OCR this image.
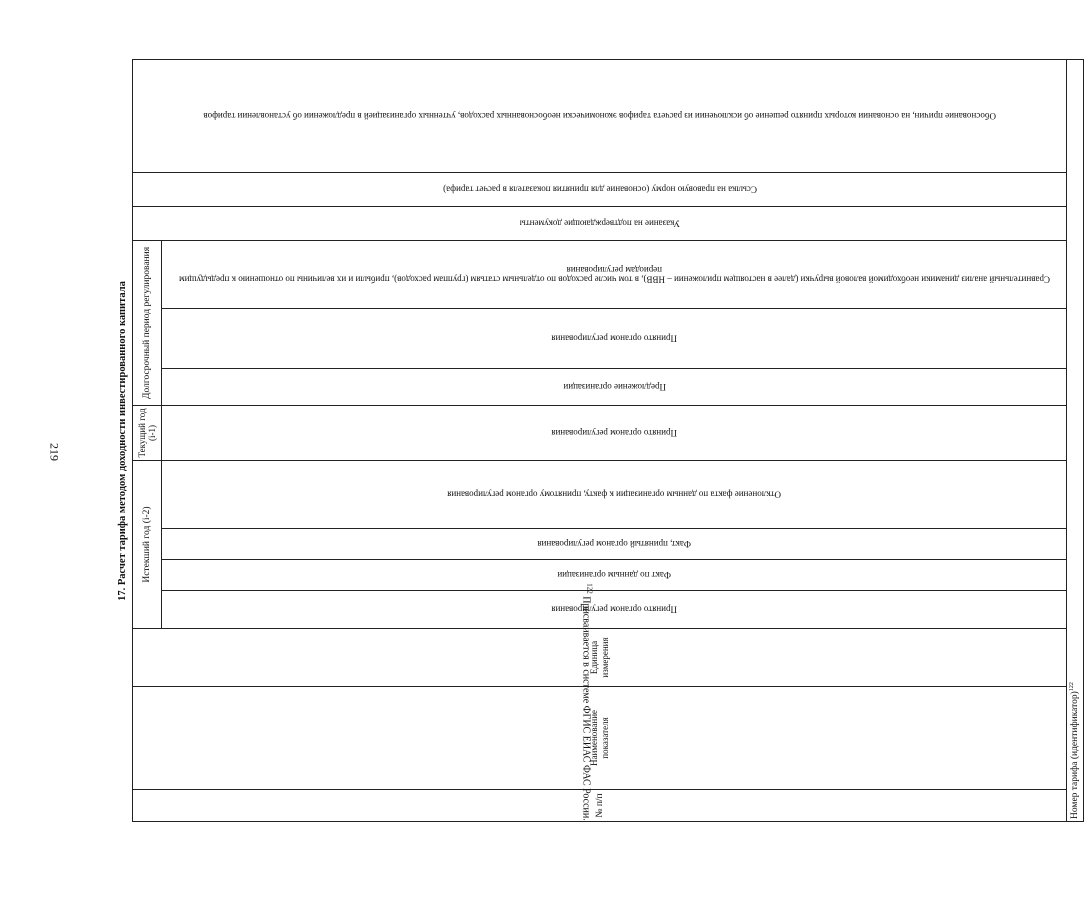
219	17. Расчет тарифа методом доходности инвестированного капитала
№ п/п	Наименование показателя	Единица измерения	Истекший год (i-2)				Текущий год (i-1)	Долгосрочный период регулирования			Указание на подтверждающие документы	Ссылка на правовую норму (основание для принятия показателя в расчет тарифа)	Обоснование причин, на основании которых принято решение об исключении из расчета тарифов экономически необоснованных расходов, учтенных организацией в предложении об установлении тарифов
			Принято органом регулирования	Факт по данным организации	Факт, принятый органом регулирования	Отклонение факта по данным организации к факту, принятому органом регулирования	Принято органом регулирования	Предложение организации	Принято органом регулирования	Сравнительный анализ динамики необходимой валовой выручки (далее в настоящем приложении – НВВ), в том числе расходов по отдельным статьям (группам расходов), прибыли и их величины по отношению к предыдущим периодам регулирования			
Номер тарифа (идентификатор)$^{122}$
$^{122}$ Присваивается в системе ФГИС ЕИАС ФАС России.
